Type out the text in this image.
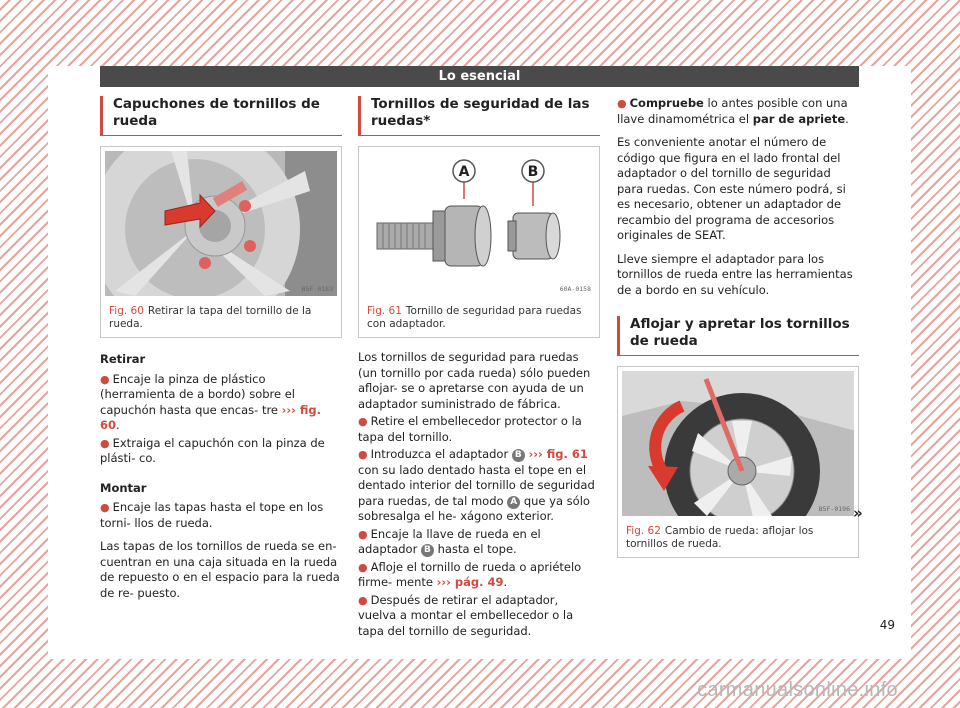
Lo esencial
Capuchones de tornillos de rueda
B5F-0183
Fig. 60 Retirar la tapa del tornillo de la rueda.

Retirar

● Encaje la pinza de plástico (herramienta de a bordo) sobre el capuchón hasta que encas- tre ››› fig. 60.

● Extraiga el capuchón con la pinza de plásti- co.

Montar

● Encaje las tapas hasta el tope en los torni- llos de rueda.

Las tapas de los tornillos de rueda se en- cuentran en una caja situada en la rueda de repuesto o en el espacio para la rueda de re- puesto.

Tornillos de seguridad de las ruedas*
A	B
60A-0158
Fig. 61 Tornillo de seguridad para ruedas con adaptador.

Los tornillos de seguridad para ruedas (un tornillo por cada rueda) sólo pueden aflojar- se o apretarse con ayuda de un adaptador suministrado de fábrica.

● Retire el embellecedor protector o la tapa del tornillo.

● Introduzca el adaptador B ››› fig. 61 con su lado dentado hasta el tope en el dentado interior del tornillo de seguridad para ruedas, de tal modo A que ya sólo sobresalga el he- xágono exterior.

● Encaje la llave de rueda en el adaptador B hasta el tope.

● Afloje el tornillo de rueda o apriételo firme- mente ››› pág. 49.

● Después de retirar el adaptador, vuelva a montar el embellecedor o la tapa del tornillo de seguridad.

● Compruebe lo antes posible con una llave dinamométrica el par de apriete.

Es conveniente anotar el número de código que figura en el lado frontal del adaptador o del tornillo de seguridad para ruedas. Con este número podrá, si es necesario, obtener un adaptador de recambio del programa de accesorios originales de SEAT.

Lleve siempre el adaptador para los tornillos de rueda entre las herramientas de a bordo en su vehículo.

Aflojar y apretar los tornillos de rueda
B5F-0196
Fig. 62 Cambio de rueda: aflojar los tornillos de rueda.
»
49
carmanualsonline.info
